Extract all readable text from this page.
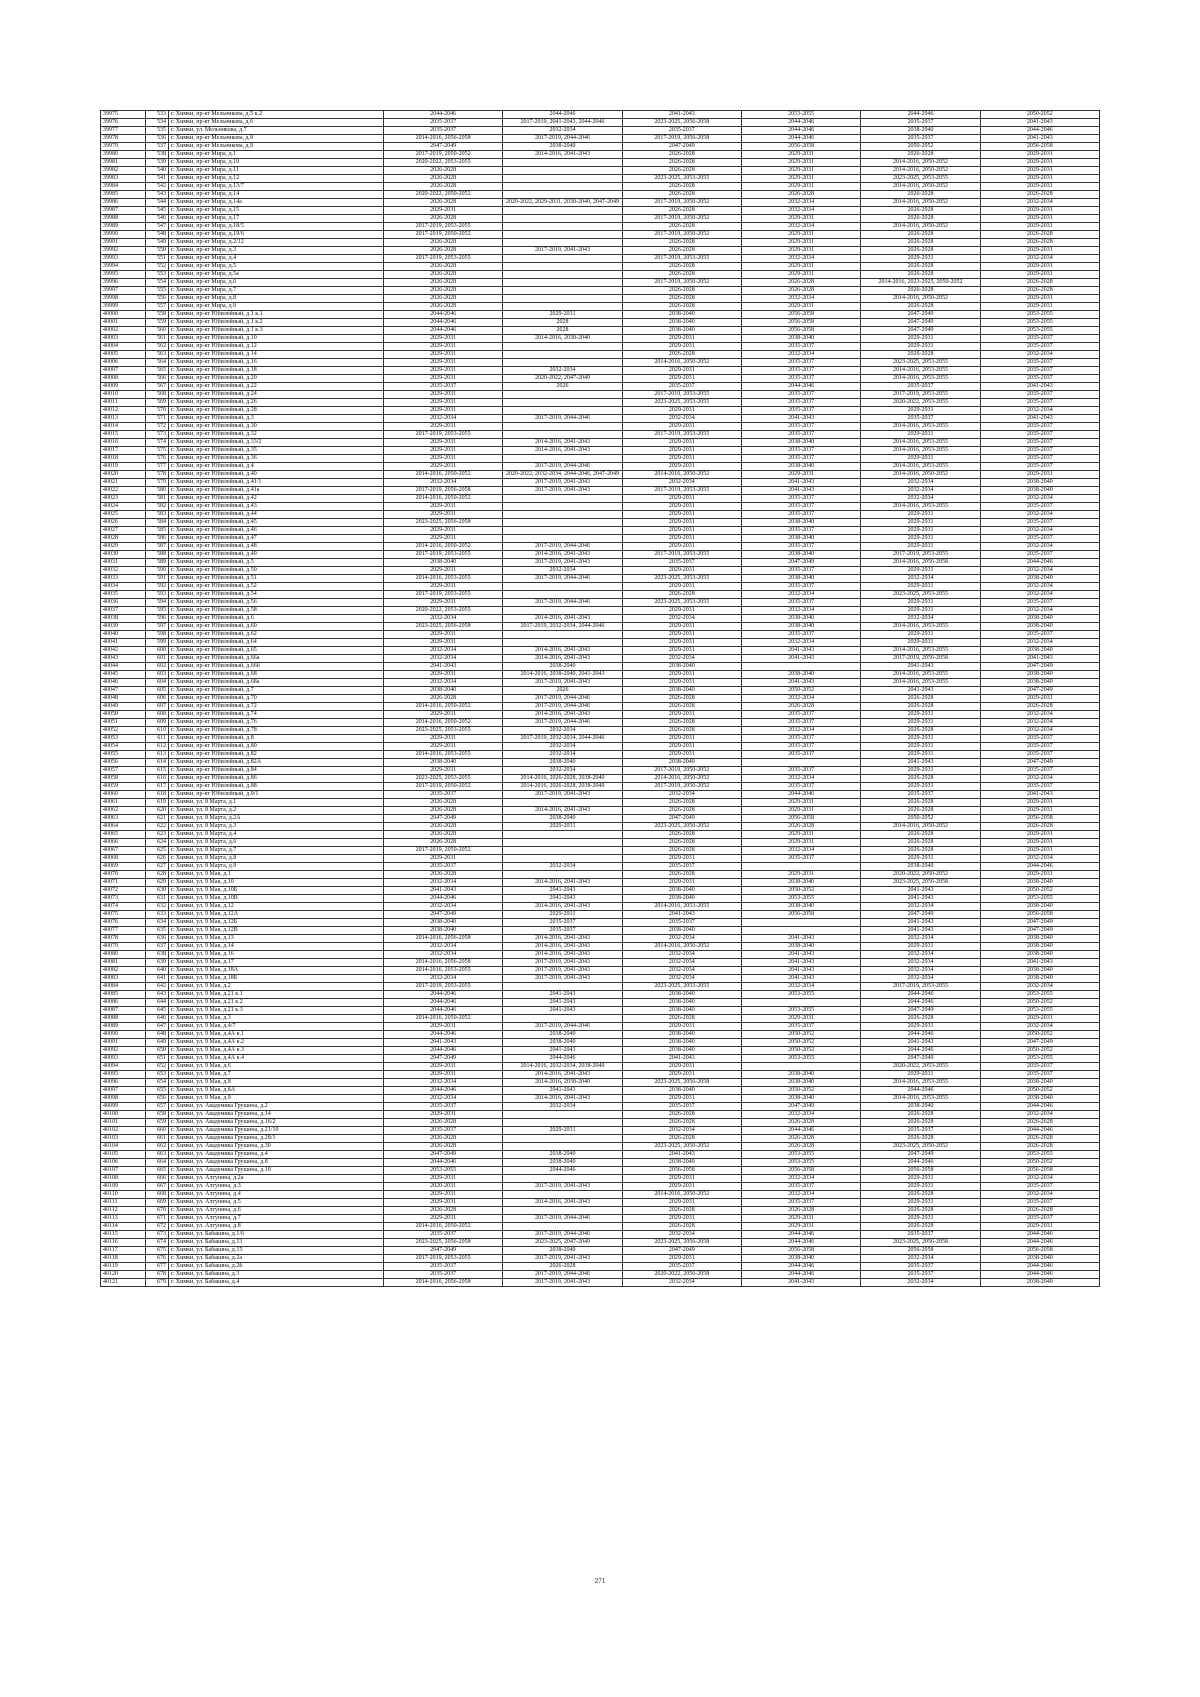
39975	533	г. Химки, пр-кт Мельникова, д.5 к.2	2044-2046	2044-2046	2041-2043	2053-2055	2044-2046	2050-2052
39976	534	г. Химки, пр-кт Мельникова, д.6	2035-2037	2017-2019, 2041-2043, 2044-2046	2023-2025, 2056-2058	2044-2046	2035-2037	2041-2043
39977	535	г. Химки, ул. Мельникова, д.7	2035-2037	2032-2034	2035-2037	2044-2046	2038-2040	2044-2046
39978	536	г. Химки, пр-кт Мельникова, д.8	2014-2016, 2056-2058	2017-2019, 2044-2046	2017-2019, 2056-2058	2044-2046	2035-2037	2041-2043
39979	537	г. Химки, пр-кт Мельникова, д.9	2047-2049	2038-2040	2047-2049	2056-2058	2050-2052	2056-2058
39980	538	г. Химки, пр-кт Мира, д.1	2017-2019, 2050-2052	2014-2016, 2041-2043	2026-2028	2029-2031	2026-2028	2029-2031
39981	539	г. Химки, пр-кт Мира, д.10	2020-2022, 2053-2055		2026-2028	2029-2031	2014-2016, 2050-2052	2029-2031
39982	540	г. Химки, пр-кт Мира, д.11	2026-2028		2026-2028	2029-2031	2014-2016, 2050-2052	2029-2031
39983	541	г. Химки, пр-кт Мира, д.12	2026-2028		2023-2025, 2053-2055	2029-2031	2023-2025, 2053-2055	2029-2031
39984	542	г. Химки, пр-кт Мира, д.13/7	2026-2028		2026-2028	2029-2031	2014-2016, 2050-2052	2029-2031
39985	543	г. Химки, пр-кт Мира, д.14	2020-2022, 2050-2052		2026-2028	2026-2028	2026-2028	2026-2028
39986	544	г. Химки, пр-кт Мира, д.14а	2026-2028	2020-2022, 2029-2031, 2038-2040, 2047-2049	2017-2019, 2050-2052	2032-2034	2014-2016, 2050-2052	2032-2034
39987	545	г. Химки, пр-кт Мира, д.15	2029-2031		2026-2028	2032-2034	2026-2028	2029-2031
39988	546	г. Химки, пр-кт Мира, д.17	2026-2028		2017-2019, 2050-2052	2029-2031	2026-2028	2029-2031
39989	547	г. Химки, пр-кт Мира, д.18/5	2017-2019, 2053-2055		2026-2028	2032-2034	2014-2016, 2050-2052	2029-2031
39990	548	г. Химки, пр-кт Мира, д.19/6	2017-2019, 2050-2052		2017-2019, 2050-2052	2029-2031	2026-2028	2026-2028
39991	549	г. Химки, пр-кт Мира, д.2/12	2026-2028		2026-2028	2029-2031	2026-2028	2026-2028
39992	550	г. Химки, пр-кт Мира, д.3	2026-2028	2017-2019, 2041-2043	2026-2028	2029-2031	2026-2028	2029-2031
39993	551	г. Химки, пр-кт Мира, д.4	2017-2019, 2053-2055		2017-2019, 2053-2055	2032-2034	2029-2031	2032-2034
39994	552	г. Химки, пр-кт Мира, д.5	2026-2028		2026-2028	2029-2031	2026-2028	2029-2031
39995	553	г. Химки, пр-кт Мира, д.5а	2026-2028		2026-2028	2029-2031	2026-2028	2029-2031
39996	554	г. Химки, пр-кт Мира, д.6	2026-2028		2017-2019, 2050-2052	2026-2028	2014-2016, 2023-2025, 2050-2052	2026-2028
39997	555	г. Химки, пр-кт Мира, д.7	2026-2028		2026-2028	2026-2028	2026-2028	2026-2028
39998	556	г. Химки, пр-кт Мира, д.8	2026-2028		2026-2028	2032-2034	2014-2016, 2050-2052	2029-2031
39999	557	г. Химки, пр-кт Мира, д.9	2026-2028		2026-2028	2029-2031	2026-2028	2029-2031
40000	558	г. Химки, пр-кт Юбилейный, д.1 к.1	2044-2046	2029-2031	2038-2040	2056-2058	2047-2049	2053-2055
40001	559	г. Химки, пр-кт Юбилейный, д.1 к.2	2044-2046	2028	2038-2040	2056-2058	2047-2049	2053-2055
40002	560	г. Химки, пр-кт Юбилейный, д.1 к.3	2044-2046	2028	2038-2040	2056-2058	2047-2049	2053-2055
40003	561	г. Химки, пр-кт Юбилейный, д.10	2029-2031	2014-2016, 2038-2040	2029-2031	2038-2040	2029-2031	2035-2037
40004	562	г. Химки, пр-кт Юбилейный, д.12	2029-2031		2029-2031	2035-2037	2029-2031	2035-2037
40005	563	г. Химки, пр-кт Юбилейный, д.14	2029-2031		2026-2028	2032-2034	2026-2028	2032-2034
40006	564	г. Химки, пр-кт Юбилейный, д.16	2029-2031		2014-2016, 2050-2052	2035-2037	2023-2025, 2053-2055	2035-2037
40007	565	г. Химки, пр-кт Юбилейный, д.18	2029-2031	2032-2034	2029-2031	2035-2037	2014-2016, 2053-2055	2035-2037
40008	566	г. Химки, пр-кт Юбилейный, д.20	2029-2031	2020-2022, 2047-2049	2029-2031	2035-2037	2014-2016, 2053-2055	2035-2037
40009	567	г. Химки, пр-кт Юбилейный, д.22	2035-2037	2026	2035-2037	2044-2046	2035-2037	2041-2043
40010	568	г. Химки, пр-кт Юбилейный, д.24	2029-2031		2017-2019, 2053-2055	2035-2037	2017-2019, 2053-2055	2035-2037
40011	569	г. Химки, пр-кт Юбилейный, д.26	2029-2031		2023-2025, 2053-2055	2035-2037	2020-2022, 2053-2055	2035-2037
40012	570	г. Химки, пр-кт Юбилейный, д.28	2029-2031		2029-2031	2035-2037	2029-2031	2032-2034
40013	571	г. Химки, пр-кт Юбилейный, д.3	2032-2034	2017-2019, 2044-2046	2032-2034	2041-2043	2035-2037	2041-2043
40014	572	г. Химки, пр-кт Юбилейный, д.30	2029-2031		2029-2031	2035-2037	2014-2016, 2053-2055	2035-2037
40015	573	г. Химки, пр-кт Юбилейный, д.32	2017-2019, 2053-2055		2017-2019, 2053-2055	2035-2037	2029-2031	2035-2037
40016	574	г. Химки, пр-кт Юбилейный, д.33/2	2029-2031	2014-2016, 2041-2043	2029-2031	2038-2040	2014-2016, 2053-2055	2035-2037
40017	575	г. Химки, пр-кт Юбилейный, д.35	2029-2031	2014-2016, 2041-2043	2029-2031	2035-2037	2014-2016, 2053-2055	2035-2037
40018	576	г. Химки, пр-кт Юбилейный, д.36	2029-2031		2029-2031	2035-2037	2029-2031	2035-2037
40019	577	г. Химки, пр-кт Юбилейный, д.4	2029-2031	2017-2019, 2044-2046	2029-2031	2038-2040	2014-2016, 2053-2055	2035-2037
40020	578	г. Химки, пр-кт Юбилейный, д.40	2014-2016, 2050-2052	2020-2022, 2032-2034, 2044-2046, 2047-2049	2014-2016, 2050-2052	2029-2031	2014-2016, 2050-2052	2029-2031
40021	579	г. Химки, пр-кт Юбилейный, д.41/1	2032-2034	2017-2019, 2041-2043	2032-2034	2041-2043	2032-2034	2038-2040
40022	580	г. Химки, пр-кт Юбилейный, д.41а	2017-2019, 2056-2058	2017-2019, 2041-2043	2017-2019, 2053-2055	2041-2043	2032-2034	2038-2040
40023	581	г. Химки, пр-кт Юбилейный, д.42	2014-2016, 2050-2052		2029-2031	2035-2037	2032-2034	2032-2034
40024	582	г. Химки, пр-кт Юбилейный, д.43	2029-2031		2029-2031	2035-2037	2014-2016, 2053-2055	2035-2037
40025	583	г. Химки, пр-кт Юбилейный, д.44	2029-2031		2029-2031	2035-2037	2029-2031	2032-2034
40026	584	г. Химки, пр-кт Юбилейный, д.45	2023-2025, 2056-2058		2029-2031	2038-2040	2029-2031	2035-2037
40027	585	г. Химки, пр-кт Юбилейный, д.46	2029-2031		2029-2031	2035-2037	2029-2031	2032-2034
40028	586	г. Химки, пр-кт Юбилейный, д.47	2029-2031		2029-2031	2038-2040	2029-2031	2035-2037
40029	587	г. Химки, пр-кт Юбилейный, д.48	2014-2016, 2050-2052	2017-2019, 2044-2046	2029-2031	2035-2037	2029-2031	2032-2034
40030	588	г. Химки, пр-кт Юбилейный, д.49	2017-2019, 2053-2055	2014-2016, 2041-2043	2017-2019, 2053-2055	2038-2040	2017-2019, 2053-2055	2035-2037
40031	589	г. Химки, пр-кт Юбилейный, д.5	2038-2040	2017-2019, 2041-2043	2035-2037	2047-2049	2014-2016, 2056-2058	2044-2046
40032	590	г. Химки, пр-кт Юбилейный, д.50	2029-2031	2032-2034	2029-2031	2035-2037	2029-2031	2032-2034
40033	591	г. Химки, пр-кт Юбилейный, д.51	2014-2016, 2053-2055	2017-2019, 2044-2046	2023-2025, 2053-2055	2038-2040	2032-2034	2038-2040
40034	592	г. Химки, пр-кт Юбилейный, д.52	2029-2031		2029-2031	2035-2037	2029-2031	2032-2034
40035	593	г. Химки, пр-кт Юбилейный, д.54	2017-2019, 2053-2055		2026-2028	2032-2034	2023-2025, 2053-2055	2032-2034
40036	594	г. Химки, пр-кт Юбилейный, д.56	2029-2031	2017-2019, 2044-2046	2023-2025, 2053-2055	2035-2037	2029-2031	2035-2037
40037	595	г. Химки, пр-кт Юбилейный, д.58	2020-2022, 2053-2055		2029-2031	2032-2034	2029-2031	2032-2034
40038	596	г. Химки, пр-кт Юбилейный, д.6	2032-2034	2014-2016, 2041-2043	2032-2034	2038-2040	2032-2034	2038-2040
40039	597	г. Химки, пр-кт Юбилейный, д.60	2023-2025, 2056-2058	2017-2019, 2032-2034, 2044-2046	2029-2031	2038-2040	2014-2016, 2053-2055	2038-2040
40040	598	г. Химки, пр-кт Юбилейный, д.62	2029-2031		2029-2031	2035-2037	2029-2031	2035-2037
40041	599	г. Химки, пр-кт Юбилейный, д.64	2029-2031		2029-2031	2032-2034	2029-2031	2032-2034
40042	600	г. Химки, пр-кт Юбилейный, д.65	2032-2034	2014-2016, 2041-2043	2029-2031	2041-2043	2014-2016, 2053-2055	2038-2040
40043	601	г. Химки, пр-кт Юбилейный, д.66а	2032-2034	2014-2016, 2041-2043	2032-2034	2041-2043	2017-2019, 2056-2058	2041-2043
40044	602	г. Химки, пр-кт Юбилейный, д.66б	2041-2043	2038-2040	2038-2040		2041-2043	2047-2049
40045	603	г. Химки, пр-кт Юбилейный, д.68	2029-2031	2014-2016, 2038-2040, 2041-2043	2029-2031	2038-2040	2014-2016, 2053-2055	2038-2040
40046	604	г. Химки, пр-кт Юбилейный, д.68а	2032-2034	2017-2019, 2041-2043	2029-2031	2041-2043	2014-2016, 2053-2055	2038-2040
40047	605	г. Химки, пр-кт Юбилейный, д.7	2038-2040	2026	2038-2040	2050-2052	2041-2043	2047-2049
40048	606	г. Химки, пр-кт Юбилейный, д.70	2026-2028	2017-2019, 2044-2046	2026-2028	2032-2034	2026-2028	2029-2031
40049	607	г. Химки, пр-кт Юбилейный, д.72	2014-2016, 2050-2052	2017-2019, 2044-2046	2026-2028	2026-2028	2026-2028	2026-2028
40050	608	г. Химки, пр-кт Юбилейный, д.74	2029-2031	2014-2016, 2041-2043	2029-2031	2035-2037	2029-2031	2032-2034
40051	609	г. Химки, пр-кт Юбилейный, д.76	2014-2016, 2050-2052	2017-2019, 2044-2046	2026-2028	2035-2037	2029-2031	2032-2034
40052	610	г. Химки, пр-кт Юбилейный, д.78	2023-2025, 2053-2055	2032-2034	2026-2028	2032-2034	2026-2028	2032-2034
40053	611	г. Химки, пр-кт Юбилейный, д.8	2029-2031	2017-2019, 2032-2034, 2044-2046	2029-2031	2035-2037	2029-2031	2035-2037
40054	612	г. Химки, пр-кт Юбилейный, д.80	2029-2031	2032-2034	2029-2031	2035-2037	2029-2031	2035-2037
40055	613	г. Химки, пр-кт Юбилейный, д.82	2014-2016, 2053-2055	2032-2034	2029-2031	2035-2037	2029-2031	2035-2037
40056	614	г. Химки, пр-кт Юбилейный, д.82А	2038-2040	2038-2040	2038-2040		2041-2043	2047-2049
40057	615	г. Химки, пр-кт Юбилейный, д.84	2029-2031	2032-2034	2017-2019, 2050-2052	2035-2037	2029-2031	2035-2037
40058	616	г. Химки, пр-кт Юбилейный, д.86	2023-2025, 2053-2055	2014-2016, 2026-2028, 2038-2040	2014-2016, 2050-2052	2032-2034	2026-2028	2032-2034
40059	617	г. Химки, пр-кт Юбилейный, д.88	2017-2019, 2050-2052	2014-2016, 2026-2028, 2038-2040	2017-2019, 2050-2052	2035-2037	2029-2031	2035-2037
40060	618	г. Химки, пр-кт Юбилейный, д.9/1	2035-2037	2017-2019, 2041-2043	2032-2034	2044-2046	2035-2037	2041-2043
40061	619	г. Химки, ул. 8 Марта, д.1	2026-2028		2026-2028	2029-2031	2026-2028	2029-2031
40062	620	г. Химки, ул. 8 Марта, д.2	2026-2028	2014-2016, 2041-2043	2026-2028	2029-2031	2026-2028	2029-2031
40063	621	г. Химки, ул. 8 Марта, д.2А	2047-2049	2038-2040	2047-2049	2056-2058	2050-2052	2056-2058
40064	622	г. Химки, ул. 8 Марта, д.3	2026-2028	2029-2031	2023-2025, 2050-2052	2026-2028	2014-2016, 2050-2052	2026-2028
40065	623	г. Химки, ул. 8 Марта, д.4	2026-2028		2026-2028	2029-2031	2026-2028	2029-2031
40066	624	г. Химки, ул. 8 Марта, д.6	2026-2028		2026-2028	2029-2031	2026-2028	2029-2031
40067	625	г. Химки, ул. 8 Марта, д.7	2017-2019, 2050-2052		2026-2028	2032-2034	2026-2028	2029-2031
40068	626	г. Химки, ул. 8 Марта, д.8	2029-2031		2029-2031	2035-2037	2029-2031	2032-2034
40069	627	г. Химки, ул. 8 Марта, д.9	2035-2037	2032-2034	2035-2037		2038-2040	2044-2046
40070	628	г. Химки, ул. 9 Мая, д.1	2026-2028		2026-2028	2029-2031	2020-2022, 2050-2052	2029-2031
40071	629	г. Химки, ул. 9 Мая, д.10	2032-2034	2014-2016, 2041-2043	2029-2031	2038-2040	2023-2025, 2056-2058	2038-2040
40072	630	г. Химки, ул. 9 Мая, д.10Б	2041-2043	2041-2043	2038-2040	2050-2052	2041-2043	2050-2052
40073	631	г. Химки, ул. 9 Мая, д.10В	2044-2046	2041-2043	2038-2040	2053-2055	2041-2043	2053-2055
40074	632	г. Химки, ул. 9 Мая, д.12	2032-2034	2014-2016, 2041-2043	2014-2016, 2053-2055	2038-2040	2032-2034	2038-2040
40075	633	г. Химки, ул. 9 Мая, д.12А	2047-2049	2029-2031	2041-2043	2056-2058	2047-2049	2056-2058
40076	634	г. Химки, ул. 9 Мая, д.12Б	2038-2040	2035-2037	2035-2037		2041-2043	2047-2049
40077	635	г. Химки, ул. 9 Мая, д.12В	2038-2040	2035-2037	2038-2040		2041-2043	2047-2049
40078	636	г. Химки, ул. 9 Мая, д.13	2014-2016, 2056-2058	2014-2016, 2041-2043	2032-2034	2041-2043	2032-2034	2038-2040
40079	637	г. Химки, ул. 9 Мая, д.14	2032-2034	2014-2016, 2041-2043	2014-2016, 2050-2052	2038-2040	2029-2031	2038-2040
40080	638	г. Химки, ул. 9 Мая, д.16	2032-2034	2014-2016, 2041-2043	2032-2034	2041-2043	2032-2034	2038-2040
40081	639	г. Химки, ул. 9 Мая, д.17	2014-2016, 2056-2058	2017-2019, 2041-2043	2032-2034	2041-2043	2032-2034	2041-2043
40082	640	г. Химки, ул. 9 Мая, д.18А	2014-2016, 2053-2055	2017-2019, 2041-2043	2032-2034	2041-2043	2032-2034	2038-2040
40083	641	г. Химки, ул. 9 Мая, д.18Б	2032-2034	2017-2019, 2041-2043	2032-2034	2041-2043	2032-2034	2038-2040
40084	642	г. Химки, ул. 9 Мая, д.2	2017-2019, 2053-2055		2023-2025, 2053-2055	2032-2034	2017-2019, 2053-2055	2032-2034
40085	643	г. Химки, ул. 9 Мая, д.21 к.1	2044-2046	2041-2043	2038-2040	2053-2055	2044-2046	2053-2055
40086	644	г. Химки, ул. 9 Мая, д.21 к.2	2044-2046	2041-2043	2038-2040		2044-2046	2050-2052
40087	645	г. Химки, ул. 9 Мая, д.21 к.3	2044-2046	2041-2043	2038-2040	2053-2055	2047-2049	2053-2055
40088	646	г. Химки, ул. 9 Мая, д.3	2014-2016, 2050-2052		2026-2028	2029-2031	2026-2028	2029-2031
40089	647	г. Химки, ул. 9 Мая, д.4/7	2029-2031	2017-2019, 2044-2046	2029-2031	2035-2037	2029-2031	2032-2034
40090	648	г. Химки, ул. 9 Мая, д.4А к.1	2044-2046	2038-2040	2038-2040	2050-2052	2044-2046	2050-2052
40091	649	г. Химки, ул. 9 Мая, д.4А к.2	2041-2043	2038-2040	2038-2040	2050-2052	2041-2043	2047-2049
40092	650	г. Химки, ул. 9 Мая, д.4А к.3	2044-2046	2041-2043	2038-2040	2050-2052	2044-2046	2050-2052
40093	651	г. Химки, ул. 9 Мая, д.4А к.4	2047-2049	2044-2046	2041-2043	2053-2055	2047-2049	2053-2055
40094	652	г. Химки, ул. 9 Мая, д.6	2029-2031	2014-2016, 2032-2034, 2038-2040	2029-2031		2020-2022, 2053-2055	2035-2037
40095	653	г. Химки, ул. 9 Мая, д.7	2029-2031	2014-2016, 2041-2043	2029-2031	2038-2040	2029-2031	2035-2037
40096	654	г. Химки, ул. 9 Мая, д.8	2032-2034	2014-2016, 2038-2040	2023-2025, 2056-2058	2038-2040	2014-2016, 2053-2055	2038-2040
40097	655	г. Химки, ул. 9 Мая, д.8А	2044-2046	2041-2043	2038-2040	2050-2052	2044-2046	2050-2052
40098	656	г. Химки, ул. 9 Мая, д.9	2032-2034	2014-2016, 2041-2043	2029-2031	2038-2040	2014-2016, 2053-2055	2038-2040
40099	657	г. Химки, ул. Академика Грушина, д.2	2035-2037	2032-2034	2035-2037	2047-2049	2038-2040	2044-2046
40100	658	г. Химки, ул. Академика Грушина, д.14	2029-2031		2026-2028	2032-2034	2026-2028	2032-2034
40101	659	г. Химки, ул. Академика Грушина, д.16/2	2026-2028		2026-2028	2026-2028	2026-2028	2026-2028
40102	660	г. Химки, ул. Академика Грушина, д.21/10	2035-2037	2029-2031	2032-2034	2044-2046	2035-2037	2044-2046
40103	661	г. Химки, ул. Академика Грушина, д.28/1	2026-2028		2026-2028	2026-2028	2026-2028	2026-2028
40104	662	г. Химки, ул. Академика Грушина, д.30	2026-2028		2023-2025, 2050-2052	2026-2028	2023-2025, 2050-2052	2026-2028
40105	663	г. Химки, ул. Академика Грушина, д.4	2047-2049	2038-2040	2041-2043	2053-2055	2047-2049	2053-2055
40106	664	г. Химки, ул. Академика Грушина, д.8	2044-2046	2038-2040	2038-2040	2053-2055	2044-2046	2050-2052
40107	665	г. Химки, ул. Академика Грушина, д.10	2053-2055	2044-2046	2056-2058	2056-2058	2056-2058	2056-2058
40108	666	г. Химки, ул. Алтунина, д.2а	2029-2031		2029-2031	2032-2034	2029-2031	2032-2034
40109	667	г. Химки, ул. Алтунина, д.3	2020-2031	2017-2019, 2041-2043	2029-2031	2035-2037	2029-2031	2035-2037
40110	668	г. Химки, ул. Алтунина, д.4	2029-2031		2014-2016, 2050-2052	2032-2034	2026-2028	2032-2034
40111	669	г. Химки, ул. Алтунина, д.5	2029-2031	2014-2016, 2041-2043	2029-2031	2035-2037	2029-2031	2035-2037
40112	670	г. Химки, ул. Алтунина, д.6	2026-2028		2026-2028	2026-2028	2026-2028	2026-2028
40113	671	г. Химки, ул. Алтунина, д.7	2029-2031	2017-2019, 2044-2046	2029-2031	2029-2031	2029-2031	2035-2037
40114	672	г. Химки, ул. Алтунина, д.8	2014-2016, 2050-2052		2026-2028	2029-2031	2026-2028	2029-2031
40115	673	г. Химки, ул. Бабакина, д.1/6	2035-2037	2017-2019, 2044-2046	2032-2034	2044-2046	2035-2037	2044-2046
40116	674	г. Химки, ул. Бабакина, д.13	2023-2025, 2056-2058	2023-2025, 2047-2049	2023-2025, 2056-2058	2044-2046	2023-2025, 2056-2058	2044-2046
40117	675	г. Химки, ул. Бабакина, д.15	2047-2049	2038-2040	2047-2049	2056-2058	2056-2058	2056-2058
40118	676	г. Химки, ул. Бабакина, д.2а	2017-2019, 2053-2055	2017-2019, 2041-2043	2029-2031	2038-2040	2032-2034	2038-2040
40119	677	г. Химки, ул. Бабакина, д.2б	2035-2037	2026-2028	2035-2037	2044-2046	2035-2037	2044-2046
40120	678	г. Химки, ул. Бабакина, д.3	2035-2037	2017-2019, 2044-2046	2020-2022, 2056-2058	2044-2046	2035-2037	2044-2046
40121	679	г. Химки, ул. Бабакина, д.4	2014-2016, 2056-2058	2017-2019, 2041-2043	2032-2034	2041-2043	2032-2034	2038-2040
271
